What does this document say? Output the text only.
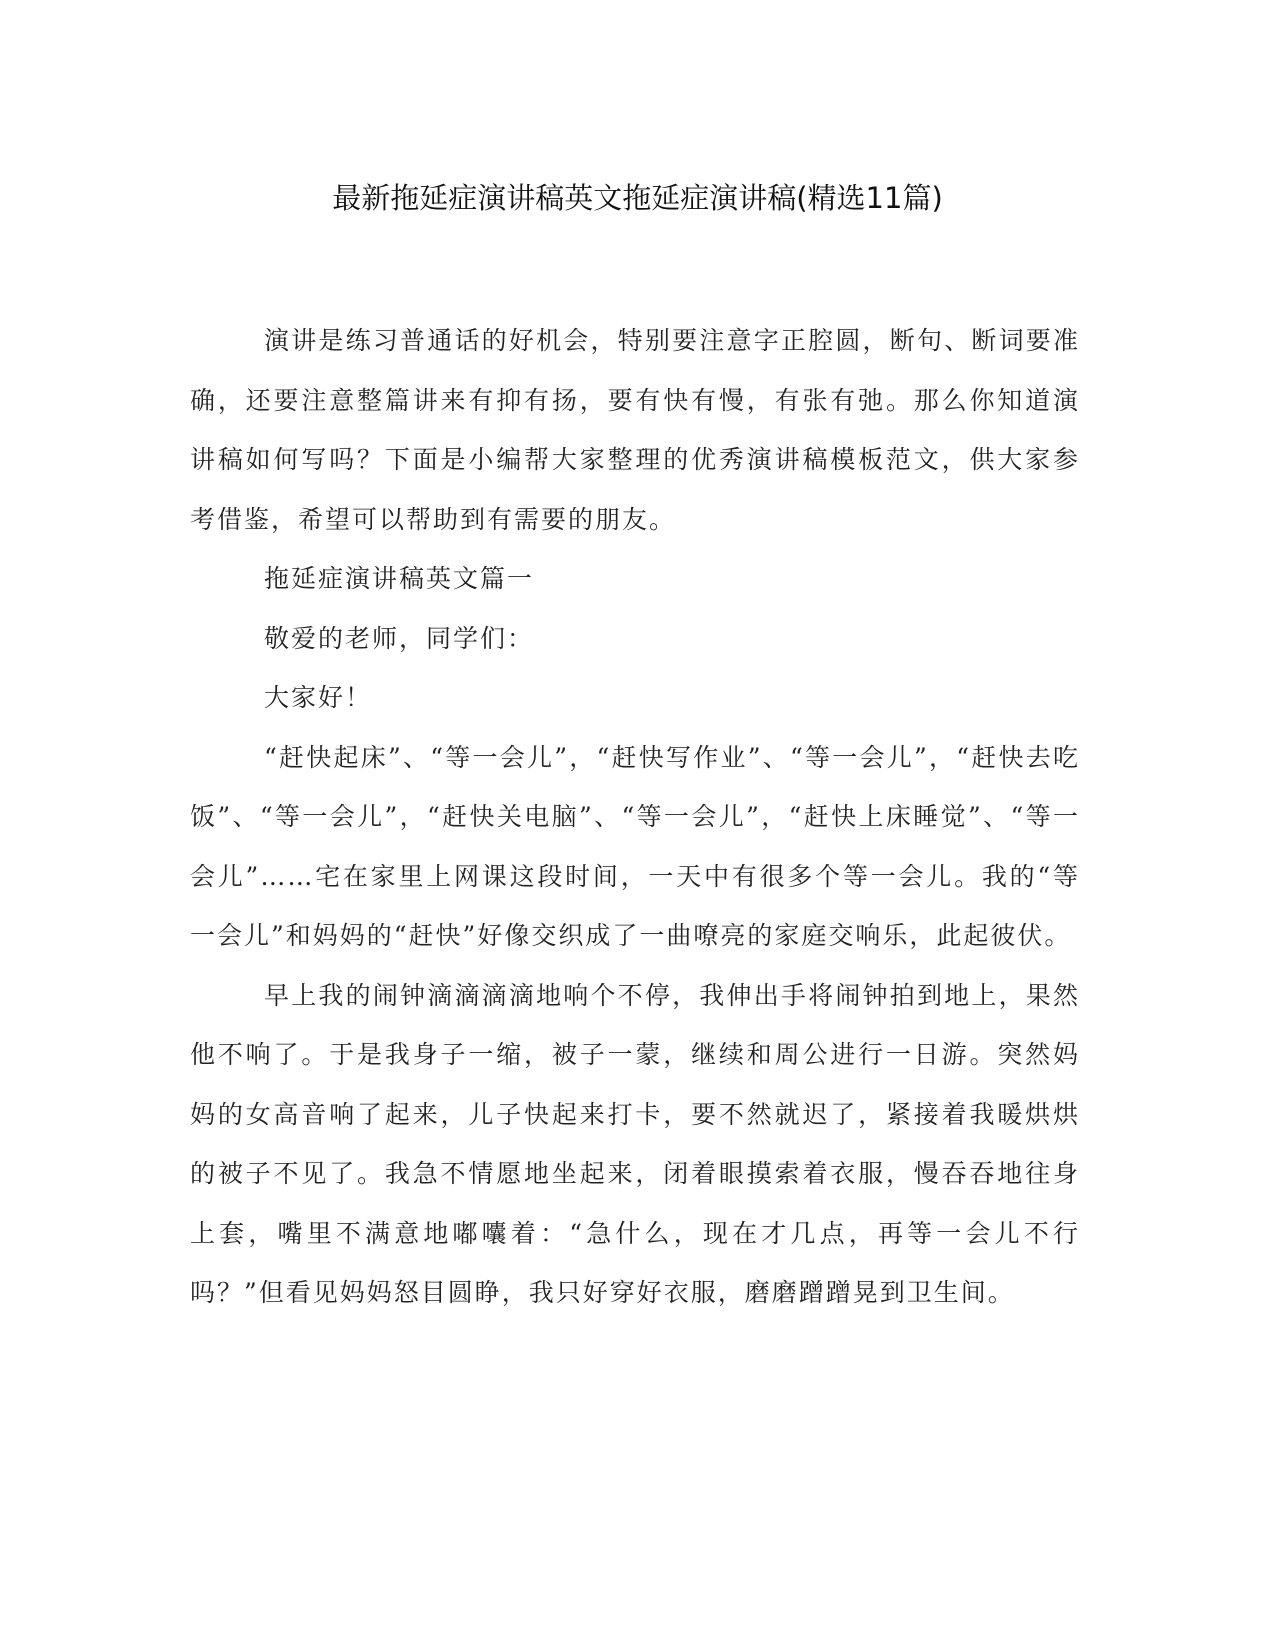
最新拖延症演讲稿英文拖延症演讲稿(精选11篇)

演讲是练习普通话的好机会，特别要注意字正腔圆，断句、断词要准确，还要注意整篇讲来有抑有扬，要有快有慢，有张有弛。那么你知道演讲稿如何写吗？下面是小编帮大家整理的优秀演讲稿模板范文，供大家参考借鉴，希望可以帮助到有需要的朋友。

拖延症演讲稿英文篇一

敬爱的老师，同学们：

大家好！

“赶快起床”、“等一会儿”，“赶快写作业”、“等一会儿”，“赶快去吃饭”、“等一会儿”，“赶快关电脑”、“等一会儿”，“赶快上床睡觉”、“等一会儿”……宅在家里上网课这段时间，一天中有很多个等一会儿。我的“等一会儿”和妈妈的“赶快”好像交织成了一曲嘹亮的家庭交响乐，此起彼伏。

早上我的闹钟滴滴滴滴地响个不停，我伸出手将闹钟拍到地上，果然他不响了。于是我身子一缩，被子一蒙，继续和周公进行一日游。突然妈妈的女高音响了起来，儿子快起来打卡，要不然就迟了，紧接着我暖烘烘的被子不见了。我急不情愿地坐起来，闭着眼摸索着衣服，慢吞吞地往身上套，嘴里不满意地嘟囔着：“急什么，现在才几点，再等一会儿不行吗？”但看见妈妈怒目圆睁，我只好穿好衣服，磨磨蹭蹭晃到卫生间。
